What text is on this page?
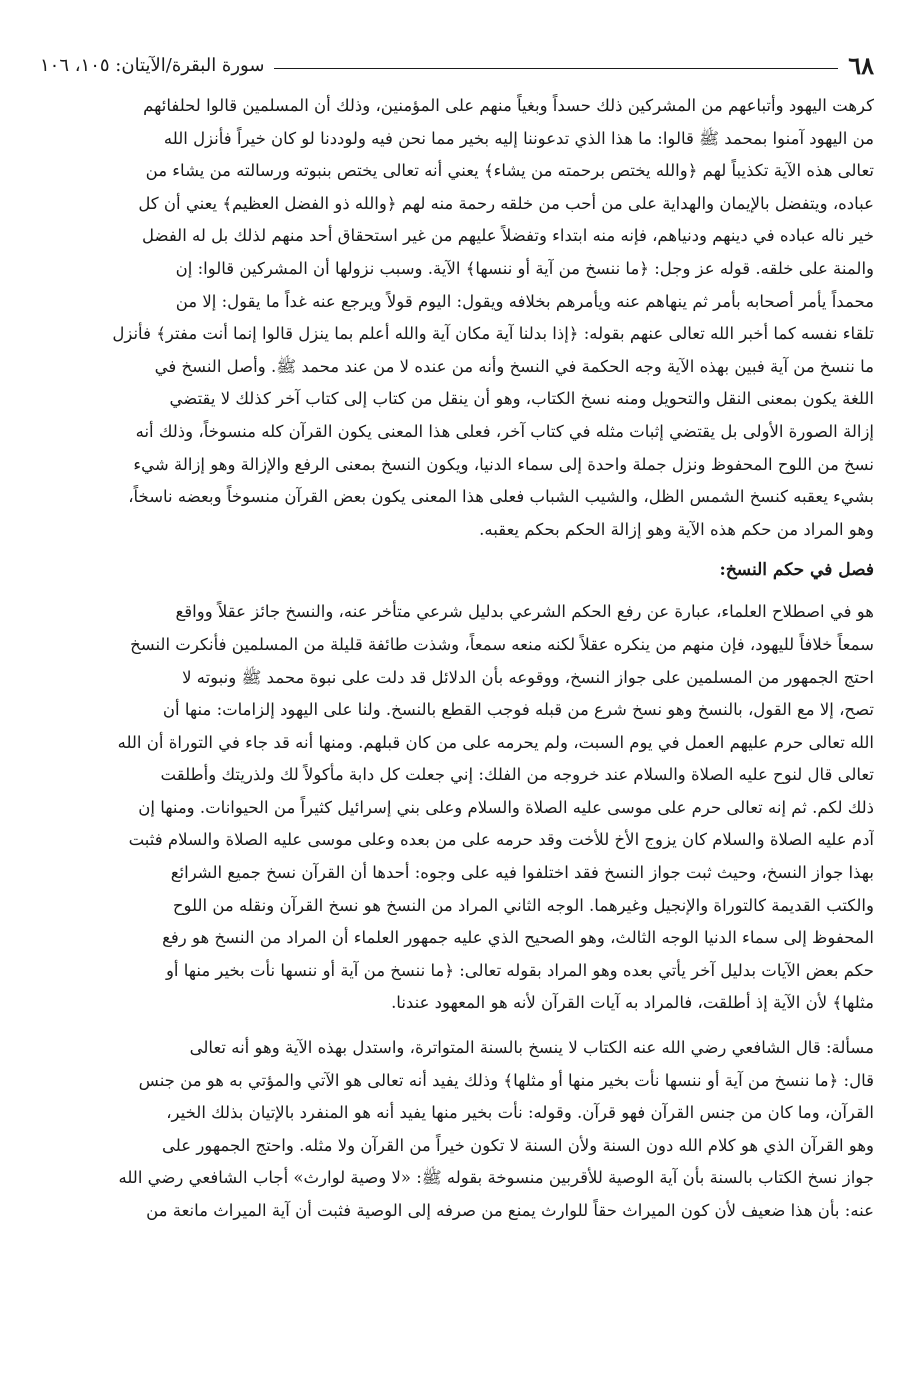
٦٨
سورة البقرة/الآيتان: ١٠٥، ١٠٦

كرهت اليهود وأتباعهم من المشركين ذلك حسداً وبغياً منهم على المؤمنين، وذلك أن المسلمين قالوا لحلفائهم
من اليهود آمنوا بمحمد ﷺ قالوا: ما هذا الذي تدعوننا إليه بخير مما نحن فيه ولوددنا لو كان خيراً فأنزل الله
تعالى هذه الآية تكذيباً لهم ﴿والله يختص برحمته من يشاء﴾ يعني أنه تعالى يختص بنبوته ورسالته من يشاء من
عباده، ويتفضل بالإيمان والهداية على من أحب من خلقه رحمة منه لهم ﴿والله ذو الفضل العظيم﴾ يعني أن كل
خير ناله عباده في دينهم ودنياهم، فإنه منه ابتداء وتفضلاً عليهم من غير استحقاق أحد منهم لذلك بل له الفضل
والمنة على خلقه. قوله عز وجل: ﴿ما ننسخ من آية أو ننسها﴾ الآية. وسبب نزولها أن المشركين قالوا: إن
محمداً يأمر أصحابه بأمر ثم ينهاهم عنه ويأمرهم بخلافه ويقول: اليوم قولاً ويرجع عنه غداً ما يقول: إلا من
تلقاء نفسه كما أخبر الله تعالى عنهم بقوله: ﴿إذا بدلنا آية مكان آية والله أعلم بما ينزل قالوا إنما أنت مفتر﴾ فأنزل
ما ننسخ من آية فبين بهذه الآية وجه الحكمة في النسخ وأنه من عنده لا من عند محمد ﷺ. وأصل النسخ في
اللغة يكون بمعنى النقل والتحويل ومنه نسخ الكتاب، وهو أن ينقل من كتاب إلى كتاب آخر كذلك لا يقتضي
إزالة الصورة الأولى بل يقتضي إثبات مثله في كتاب آخر، فعلى هذا المعنى يكون القرآن كله منسوخاً، وذلك أنه
نسخ من اللوح المحفوظ ونزل جملة واحدة إلى سماء الدنيا، ويكون النسخ بمعنى الرفع والإزالة وهو إزالة شيء
بشيء يعقبه كنسخ الشمس الظل، والشيب الشباب فعلى هذا المعنى يكون بعض القرآن منسوخاً وبعضه ناسخاً،
وهو المراد من حكم هذه الآية وهو إزالة الحكم بحكم يعقبه.

فصل في حكم النسخ:

هو في اصطلاح العلماء، عبارة عن رفع الحكم الشرعي بدليل شرعي متأخر عنه، والنسخ جائز عقلاً وواقع
سمعاً خلافاً لليهود، فإن منهم من ينكره عقلاً لكنه منعه سمعاً، وشذت طائفة قليلة من المسلمين فأنكرت النسخ
احتج الجمهور من المسلمين على جواز النسخ، ووقوعه بأن الدلائل قد دلت على نبوة محمد ﷺ ونبوته لا
تصح، إلا مع القول، بالنسخ وهو نسخ شرع من قبله فوجب القطع بالنسخ. ولنا على اليهود إلزامات: منها أن
الله تعالى حرم عليهم العمل في يوم السبت، ولم يحرمه على من كان قبلهم. ومنها أنه قد جاء في التوراة أن الله
تعالى قال لنوح عليه الصلاة والسلام عند خروجه من الفلك: إني جعلت كل دابة مأكولاً لك ولذريتك وأطلقت
ذلك لكم. ثم إنه تعالى حرم على موسى عليه الصلاة والسلام وعلى بني إسرائيل كثيراً من الحيوانات. ومنها إن
آدم عليه الصلاة والسلام كان يزوج الأخ للأخت وقد حرمه على من بعده وعلى موسى عليه الصلاة والسلام فثبت
بهذا جواز النسخ، وحيث ثبت جواز النسخ فقد اختلفوا فيه على وجوه: أحدها أن القرآن نسخ جميع الشرائع
والكتب القديمة كالتوراة والإنجيل وغيرهما. الوجه الثاني المراد من النسخ هو نسخ القرآن ونقله من اللوح
المحفوظ إلى سماء الدنيا الوجه الثالث، وهو الصحيح الذي عليه جمهور العلماء أن المراد من النسخ هو رفع
حكم بعض الآيات بدليل آخر يأتي بعده وهو المراد بقوله تعالى: ﴿ما ننسخ من آية أو ننسها نأت بخير منها أو
مثلها﴾ لأن الآية إذ أطلقت، فالمراد به آيات القرآن لأنه هو المعهود عندنا.

مسألة: قال الشافعي رضي الله عنه الكتاب لا ينسخ بالسنة المتواترة، واستدل بهذه الآية وهو أنه تعالى
قال: ﴿ما ننسخ من آية أو ننسها نأت بخير منها أو مثلها﴾ وذلك يفيد أنه تعالى هو الآتي والمؤتي به هو من جنس
القرآن، وما كان من جنس القرآن فهو قرآن. وقوله: نأت بخير منها يفيد أنه هو المنفرد بالإتيان بذلك الخير،
وهو القرآن الذي هو كلام الله دون السنة ولأن السنة لا تكون خيراً من القرآن ولا مثله. واحتج الجمهور على
جواز نسخ الكتاب بالسنة بأن آية الوصية للأقربين منسوخة بقوله ﷺ: «لا وصية لوارث» أجاب الشافعي رضي الله
عنه: بأن هذا ضعيف لأن كون الميراث حقاً للوارث يمنع من صرفه إلى الوصية فثبت أن آية الميراث مانعة من
